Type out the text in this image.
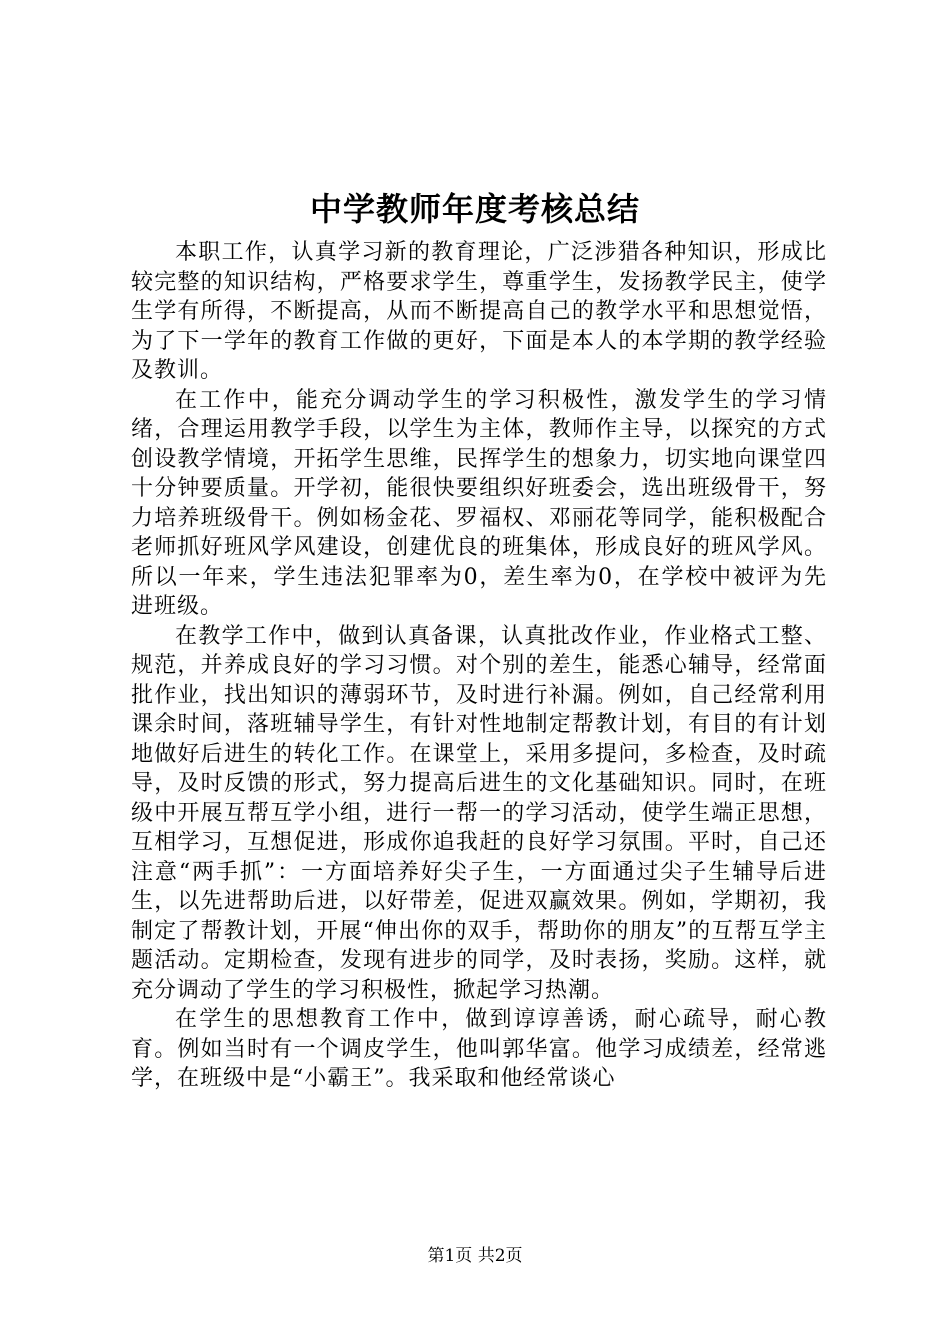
中学教师年度考核总结

本职工作，认真学习新的教育理论，广泛涉猎各种知识，形成比较完整的知识结构，严格要求学生，尊重学生，发扬教学民主，使学生学有所得，不断提高，从而不断提高自己的教学水平和思想觉悟，为了下一学年的教育工作做的更好，下面是本人的本学期的教学经验及教训。

在工作中，能充分调动学生的学习积极性，激发学生的学习情绪，合理运用教学手段，以学生为主体，教师作主导，以探究的方式创设教学情境，开拓学生思维，民挥学生的想象力，切实地向课堂四十分钟要质量。开学初，能很快要组织好班委会，选出班级骨干，努力培养班级骨干。例如杨金花、罗福权、邓丽花等同学，能积极配合老师抓好班风学风建设，创建优良的班集体，形成良好的班风学风。所以一年来，学生违法犯罪率为0，差生率为0，在学校中被评为先进班级。

在教学工作中，做到认真备课，认真批改作业，作业格式工整、规范，并养成良好的学习习惯。对个别的差生，能悉心辅导，经常面批作业，找出知识的薄弱环节，及时进行补漏。例如，自己经常利用课余时间，落班辅导学生，有针对性地制定帮教计划，有目的有计划地做好后进生的转化工作。在课堂上，采用多提问，多检查，及时疏导，及时反馈的形式，努力提高后进生的文化基础知识。同时，在班级中开展互帮互学小组，进行一帮一的学习活动，使学生端正思想，互相学习，互想促进，形成你追我赶的良好学习氛围。平时，自己还注意“两手抓”：一方面培养好尖子生，一方面通过尖子生辅导后进生，以先进帮助后进，以好带差，促进双赢效果。例如，学期初，我制定了帮教计划，开展“伸出你的双手，帮助你的朋友”的互帮互学主题活动。定期检查，发现有进步的同学，及时表扬，奖励。这样，就充分调动了学生的学习积极性，掀起学习热潮。

在学生的思想教育工作中，做到谆谆善诱，耐心疏导，耐心教育。例如当时有一个调皮学生，他叫郭华富。他学习成绩差，经常逃学，在班级中是“小霸王”。我采取和他经常谈心

第1页 共2页
